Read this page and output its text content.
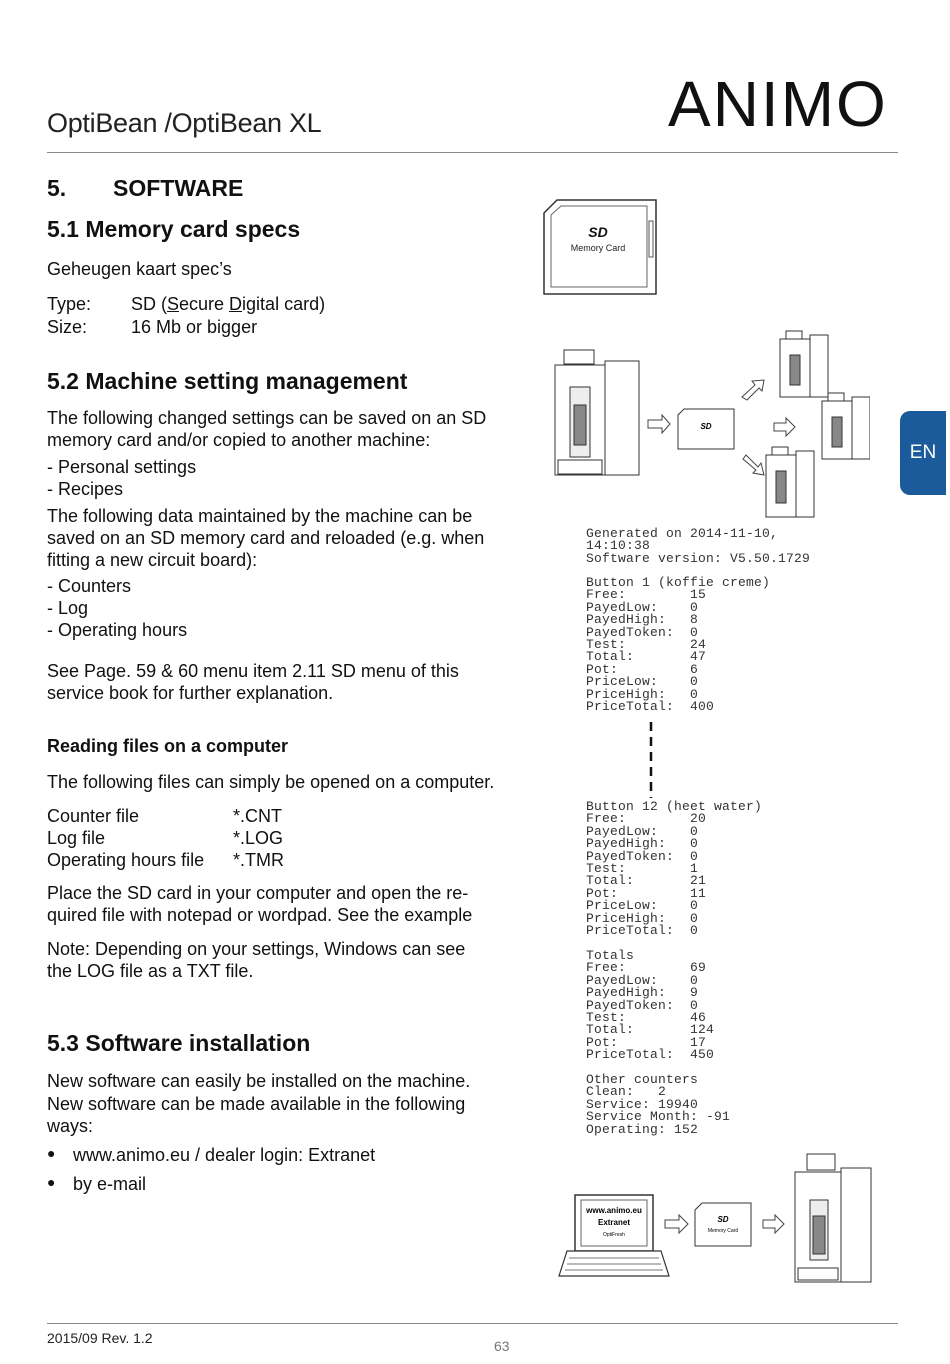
OptiBean /OptiBean XL	ANIMO
EN
5. SOFTWARE
5.1 Memory card specs
Geheugen kaart spec’s
Type: SD (Secure Digital card)
Size: 16 Mb or bigger
5.2 Machine setting management
The following changed settings can be saved on an SD
memory card and/or copied to another machine:
- Personal settings
- Recipes
The following data maintained by the machine can be
saved on an SD memory card and reloaded (e.g. when
fitting a new circuit board):
- Counters
- Log
- Operating hours
See Page. 59 & 60 menu item 2.11 SD menu of this
service book for further explanation.
Reading files on a computer
The following files can simply be opened on a computer.
Counter file	*.CNT
Log file	*.LOG
Operating hours file	*.TMR
Place the SD card in your computer and open the re-
quired file with notepad or wordpad. See the example
Note: Depending on your settings, Windows can see
the LOG file as a TXT file.
5.3 Software installation
New software can easily be installed on the machine.
New software can be made available in the following
ways:
● www.animo.eu / dealer login: Extranet
● by e-mail
SD
Memory Card
SD
Generated on 2014-11-10,
14:10:38
Software version: V5.50.1729
Button 1 (koffie creme)
Free:        15
PayedLow:    0
PayedHigh:   8
PayedToken:  0
Test:        24
Total:       47
Pot:         6
PriceLow:    0
PriceHigh:   0
PriceTotal:  400
Button 12 (heet water)
Free:        20
PayedLow:    0
PayedHigh:   0
PayedToken:  0
Test:        1
Total:       21
Pot:         11
PriceLow:    0
PriceHigh:   0
PriceTotal:  0
Totals
Free:        69
PayedLow:    0
PayedHigh:   9
PayedToken:  0
Test:        46
Total:       124
Pot:         17
PriceTotal:  450
Other counters
Clean:   2
Service: 19940
Service Month: -91
Operating: 152
www.animo.eu
Extranet
OptiFresh
SD
Memory Card
2015/09 Rev. 1.2	63
